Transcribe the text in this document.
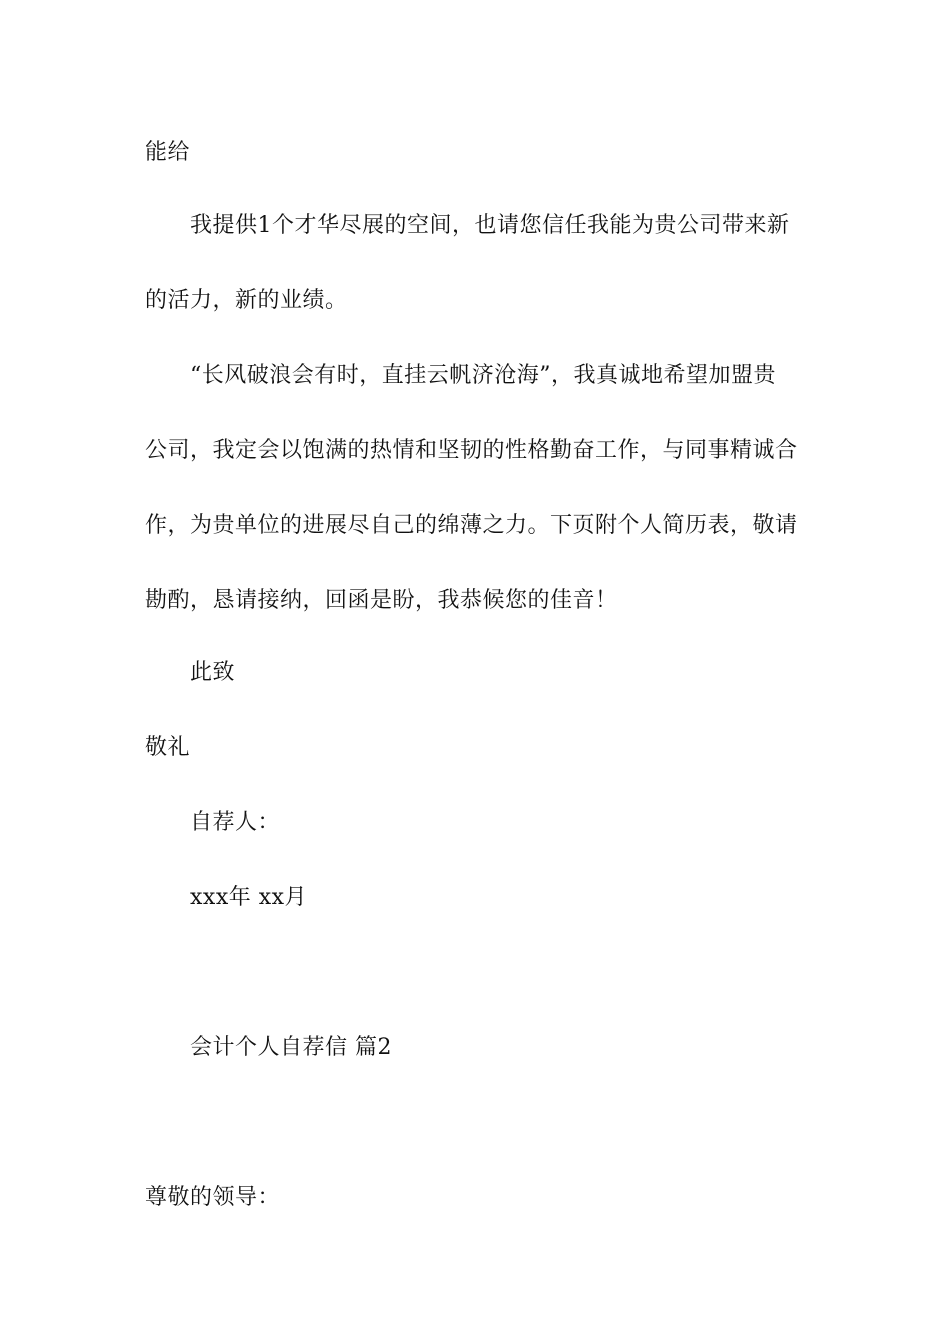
能给
我提供1个才华尽展的空间，也请您信任我能为贵公司带来新
的活力，新的业绩。
“长风破浪会有时，直挂云帆济沧海”，我真诚地希望加盟贵
公司，我定会以饱满的热情和坚韧的性格勤奋工作，与同事精诚合
作，为贵单位的进展尽自己的绵薄之力。下页附个人简历表，敬请
勘酌，恳请接纳，回函是盼，我恭候您的佳音！
此致
敬礼
自荐人：
xxx年 xx月
会计个人自荐信 篇2
尊敬的领导：
